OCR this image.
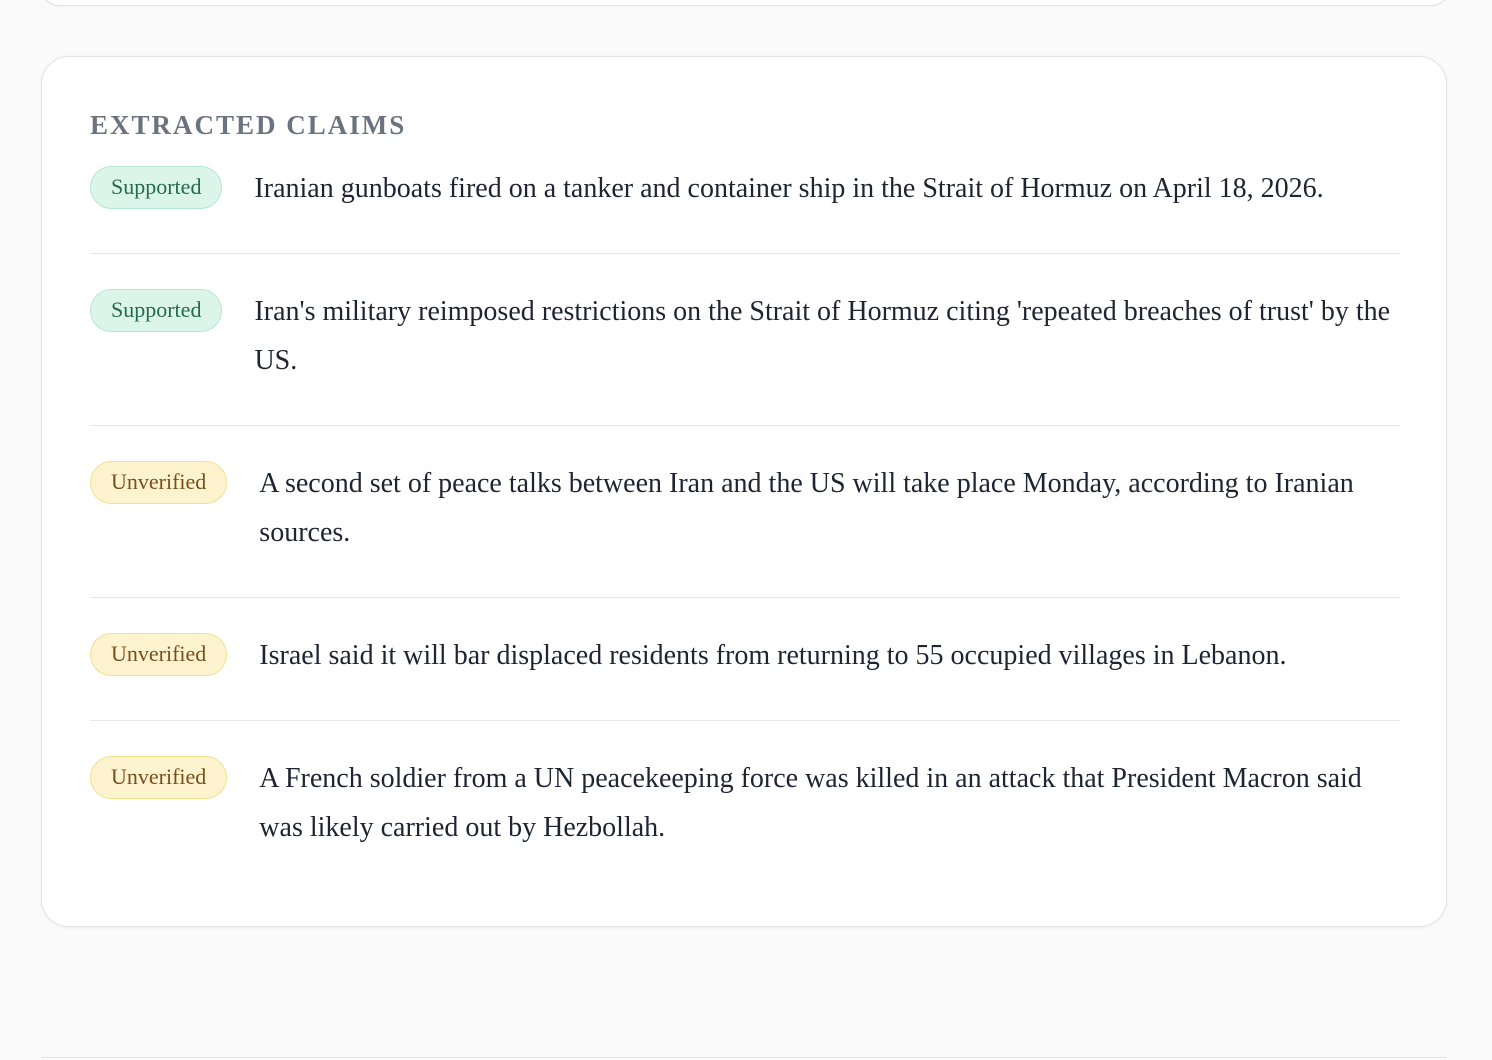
EXTRACTED CLAIMS
Supported	Iranian gunboats fired on a tanker and container ship in the Strait of Hormuz on April 18, 2026.
Supported	Iran's military reimposed restrictions on the Strait of Hormuz citing 'repeated breaches of trust' by the US.
Unverified	A second set of peace talks between Iran and the US will take place Monday, according to Iranian sources.
Unverified	Israel said it will bar displaced residents from returning to 55 occupied villages in Lebanon.
Unverified	A French soldier from a UN peacekeeping force was killed in an attack that President Macron said was likely carried out by Hezbollah.
